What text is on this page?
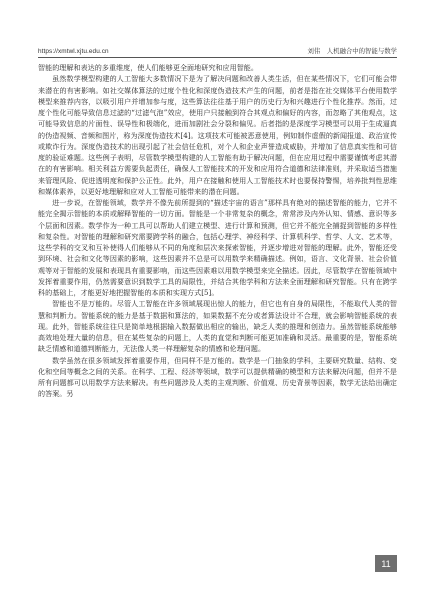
https://xmtwl.xjtu.edu.cn	刘伟　人机融合中的智能与数学

智能的理解和表达的多重维度，使人们能够更全面地研究和应用智能。

虽然数学模型构建的人工智能大多数情况下是为了解决问题和改善人类生活，但在某些情况下，它们可能会带来潜在的有害影响。如社交媒体算法的过度个性化和深度伪造技术产生的问题，前者是指在社交媒体平台使用数学模型来推荐内容，以吸引用户并增加参与度，这些算法往往基于用户的历史行为和兴趣进行个性化推荐。然而，过度个性化可能导致信息过滤的“过滤气泡”效应，使用户只接触到符合其观点和偏好的内容，而忽略了其他观点，这可能导致信息的片面性、误导性和极端化，进而加剧社会分裂和偏见。后者指的是深度学习模型可以用于生成逼真的伪造视频、音频和图片，称为深度伪造技术[4]。这项技术可能被恶意使用，例如制作虚假的新闻报道、政治宣传或欺诈行为。深度伪造技术的出现引起了社会信任危机，对个人和企业声誉造成威胁，并增加了信息真实性和可信度的验证难题。这些例子表明，尽管数学模型构建的人工智能有助于解决问题，但在应用过程中需要谨慎考虑其潜在的有害影响。相关利益方需要负起责任，确保人工智能技术的开发和应用符合道德和法律准则，并采取适当措施来管理风险、促进透明度和保护公正性。此外，用户在接触和使用人工智能技术时也要保持警惕，培养批判性思维和媒体素养，以更好地理解和应对人工智能可能带来的潜在问题。

进一步说，在智能领域，数学并不像先前所提到的“描述宇宙的语言”那样具有绝对的描述智能的能力，它并不能完全揭示智能的本质或解释智能的一切方面。智能是一个非常复杂的概念，常常涉及内外认知、情感、意识等多个层面和因素。数学作为一种工具可以帮助人们建立模型、进行计算和预测，但它并不能完全捕捉到智能的多样性和复杂性。对智能的理解和研究需要跨学科的融合，包括心理学、神经科学、计算机科学、哲学、人文、艺术等，这些学科的交叉和互补使得人们能够从不同的角度和层次来探索智能，并逐步增进对智能的理解。此外，智能还受到环境、社会和文化等因素的影响，这些因素并不总是可以用数学来精确描述。例如，语言、文化背景、社会价值观等对于智能的发展和表现具有重要影响，而这些因素难以用数学模型来完全描述。因此，尽管数学在智能领域中发挥着重要作用，仍然需要意识到数学工具的局限性，并结合其他学科和方法来全面理解和研究智能。只有在跨学科的基础上，才能更好地把握智能的本质和实现方式[5]。

智能也不是万能的。尽管人工智能在许多领域展现出惊人的能力，但它也有自身的局限性，不能取代人类的智慧和判断力。智能系统的能力是基于数据和算法的，如果数据不充分或者算法设计不合理，就会影响智能系统的表现。此外，智能系统往往只是简单地根据输入数据做出相应的输出，缺乏人类的推理和创造力。虽然智能系统能够高效地处理大量的信息，但在某些复杂的问题上，人类的直觉和判断可能更加准确和灵活。最重要的是，智能系统缺乏情感和道德判断能力，无法像人类一样理解复杂的情感和伦理问题。

数学虽然在很多领域发挥着重要作用，但同样不是万能的。数学是一门抽象的学科，主要研究数量、结构、变化和空间等概念之间的关系。在科学、工程、经济等领域，数学可以提供精确的模型和方法来解决问题，但并不是所有问题都可以用数学方法来解决。有些问题涉及人类的主观判断、价值观、历史背景等因素，数学无法给出确定的答案。另

11
